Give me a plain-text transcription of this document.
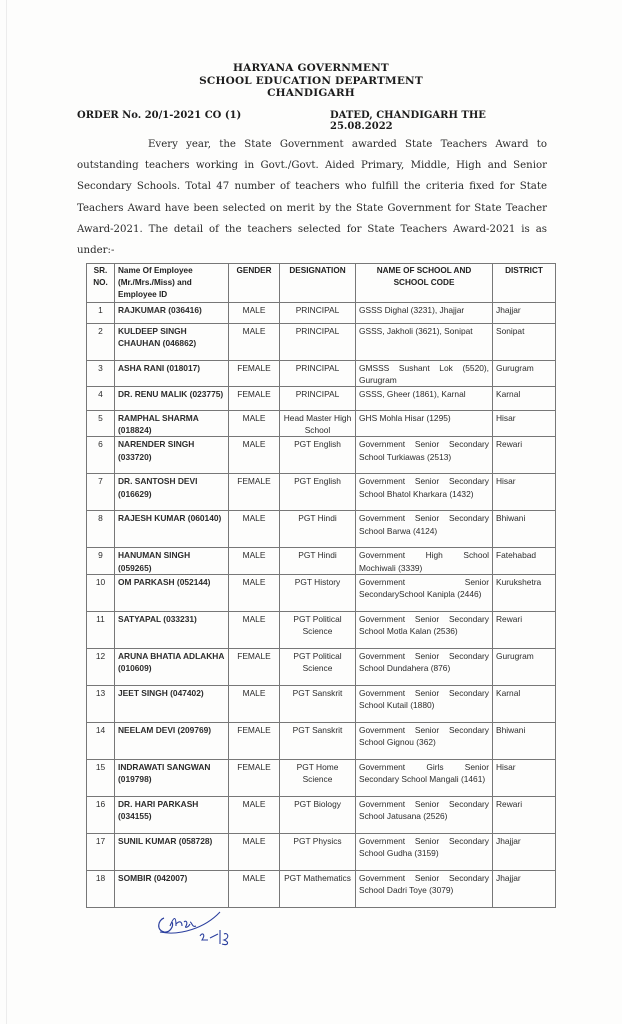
HARYANA GOVERNMENT
SCHOOL EDUCATION DEPARTMENT
CHANDIGARH
ORDER No. 20/1-2021 CO (1)	DATED, CHANDIGARH THE 25.08.2022

Every year, the State Government awarded State Teachers Award to outstanding teachers working in Govt./Govt. Aided Primary, Middle, High and Senior Secondary Schools. Total 47 number of teachers who fulfill the criteria fixed for State Teachers Award have been selected on merit by the State Government for State Teacher Award-2021. The detail of the teachers selected for State Teachers Award-2021 is as under:-

SR. NO.	Name Of Employee (Mr./Mrs./Miss) and Employee ID	GENDER	DESIGNATION	NAME OF SCHOOL AND SCHOOL CODE	DISTRICT
1	RAJKUMAR (036416)	MALE	PRINCIPAL	GSSS Dighal (3231), Jhajjar	Jhajjar
2	KULDEEP SINGH CHAUHAN (046862)	MALE	PRINCIPAL	GSSS, Jakholi (3621), Sonipat	Sonipat
3	ASHA RANI (018017)	FEMALE	PRINCIPAL	GMSSS Sushant Lok (5520), Gurugram	Gurugram
4	DR. RENU MALIK (023775)	FEMALE	PRINCIPAL	GSSS, Gheer (1861), Karnal	Karnal
5	RAMPHAL SHARMA (018824)	MALE	Head Master High School	GHS Mohla Hisar (1295)	Hisar
6	NARENDER SINGH (033720)	MALE	PGT English	Government Senior Secondary School Turkiawas (2513)	Rewari
7	DR. SANTOSH DEVI (016629)	FEMALE	PGT English	Government Senior Secondary School Bhatol Kharkara (1432)	Hisar
8	RAJESH KUMAR (060140)	MALE	PGT Hindi	Government Senior Secondary School Barwa (4124)	Bhiwani
9	HANUMAN SINGH (059265)	MALE	PGT Hindi	Government High School Mochiwali (3339)	Fatehabad
10	OM PARKASH (052144)	MALE	PGT History	Government Senior SecondarySchool Kanipla (2446)	Kurukshetra
11	SATYAPAL (033231)	MALE	PGT Political Science	Government Senior Secondary School Motla Kalan (2536)	Rewari
12	ARUNA BHATIA ADLAKHA (010609)	FEMALE	PGT Political Science	Government Senior Secondary School Dundahera (876)	Gurugram
13	JEET SINGH (047402)	MALE	PGT Sanskrit	Government Senior Secondary School Kutail (1880)	Karnal
14	NEELAM DEVI (209769)	FEMALE	PGT Sanskrit	Government Senior Secondary School Gignou (362)	Bhiwani
15	INDRAWATI SANGWAN (019798)	FEMALE	PGT Home Science	Government Girls Senior Secondary School Mangali (1461)	Hisar
16	DR. HARI PARKASH (034155)	MALE	PGT Biology	Government Senior Secondary School Jatusana (2526)	Rewari
17	SUNIL KUMAR (058728)	MALE	PGT Physics	Government Senior Secondary School Gudha (3159)	Jhajjar
18	SOMBIR (042007)	MALE	PGT Mathematics	Government Senior Secondary School Dadri Toye (3079)	Jhajjar
